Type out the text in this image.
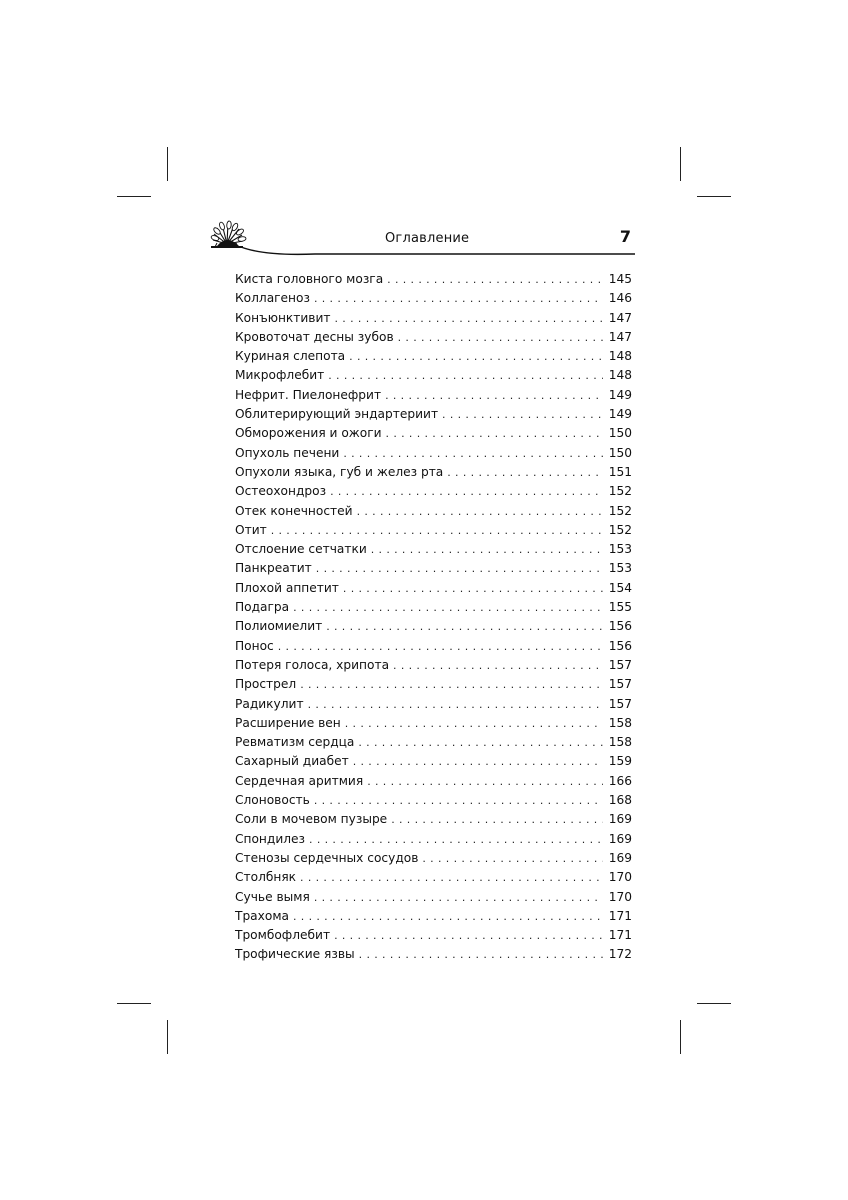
Оглавление	7
Киста головного мозга . . .	145
Коллагеноз . . .	146
Конъюнктивит . . .	147
Кровоточат десны зубов . . .	147
Куриная слепота . . .	148
Микрофлебит . . .	148
Нефрит. Пиелонефрит . . .	149
Облитерирующий эндартериит . . .	149
Обморожения и ожоги . . .	150
Опухоль печени . . .	150
Опухоли языка, губ и желез рта . . .	151
Остеохондроз . . .	152
Отек конечностей . . .	152
Отит . . .	152
Отслоение сетчатки . . .	153
Панкреатит . . .	153
Плохой аппетит . . .	154
Подагра . . .	155
Полиомиелит . . .	156
Понос . . .	156
Потеря голоса, хрипота . . .	157
Прострел . . .	157
Радикулит . . .	157
Расширение вен . . .	158
Ревматизм сердца . . .	158
Сахарный диабет . . .	159
Сердечная аритмия . . .	166
Слоновость . . .	168
Соли в мочевом пузыре . . .	169
Спондилез . . .	169
Стенозы сердечных сосудов . . .	169
Столбняк . . .	170
Сучье вымя . . .	170
Трахома . . .	171
Тромбофлебит . . .	171
Трофические язвы . . .	172
